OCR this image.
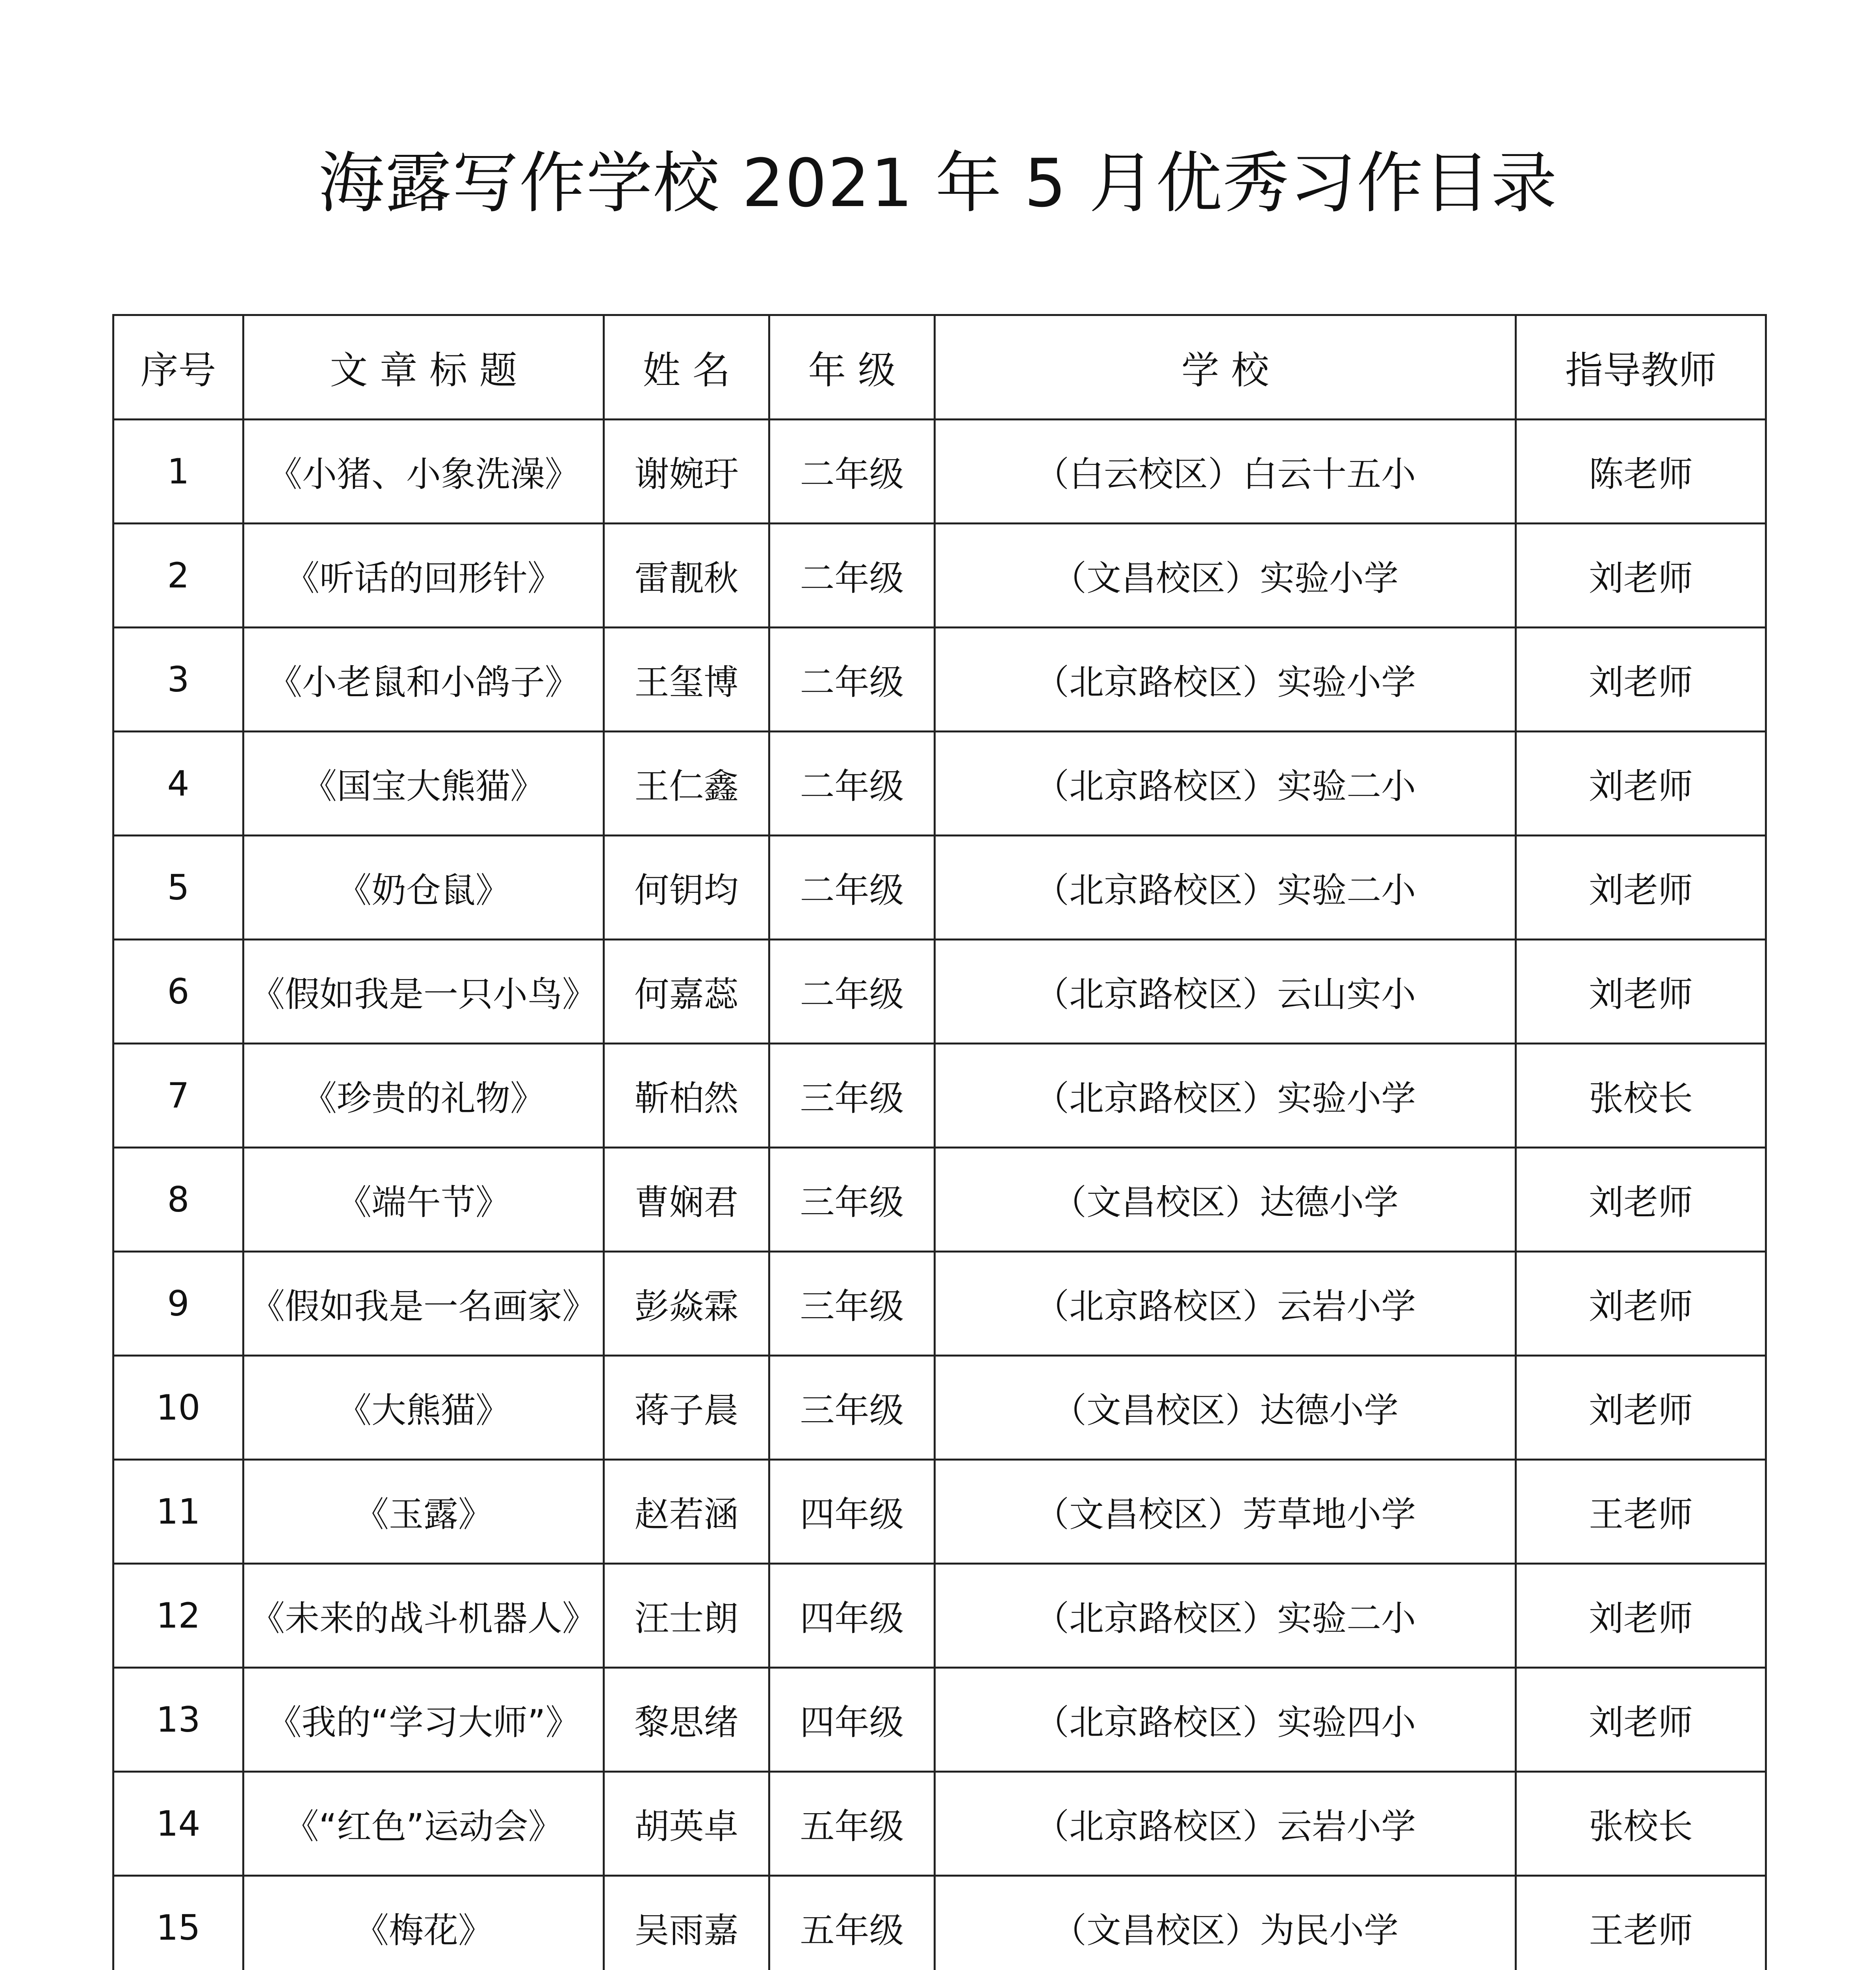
海露写作学校 2021 年 5 月优秀习作目录
序号	文 章 标 题	姓 名	年 级	学 校	指导教师
1	《小猪、小象洗澡》	谢婉玗	二年级	（白云校区）白云十五小	陈老师
2	《听话的回形针》	雷靓秋	二年级	（文昌校区）实验小学	刘老师
3	《小老鼠和小鸽子》	王玺博	二年级	（北京路校区）实验小学	刘老师
4	《国宝大熊猫》	王仁鑫	二年级	（北京路校区）实验二小	刘老师
5	《奶仓鼠》	何钥均	二年级	（北京路校区）实验二小	刘老师
6	《假如我是一只小鸟》	何嘉蕊	二年级	（北京路校区）云山实小	刘老师
7	《珍贵的礼物》	靳柏然	三年级	（北京路校区）实验小学	张校长
8	《端午节》	曹娴君	三年级	（文昌校区）达德小学	刘老师
9	《假如我是一名画家》	彭焱霖	三年级	（北京路校区）云岩小学	刘老师
10	《大熊猫》	蒋子晨	三年级	（文昌校区）达德小学	刘老师
11	《玉露》	赵若涵	四年级	（文昌校区）芳草地小学	王老师
12	《未来的战斗机器人》	汪士朗	四年级	（北京路校区）实验二小	刘老师
13	《我的“学习大师”》	黎思绪	四年级	（北京路校区）实验四小	刘老师
14	《“红色”运动会》	胡英卓	五年级	（北京路校区）云岩小学	张校长
15	《梅花》	吴雨嘉	五年级	（文昌校区）为民小学	王老师
